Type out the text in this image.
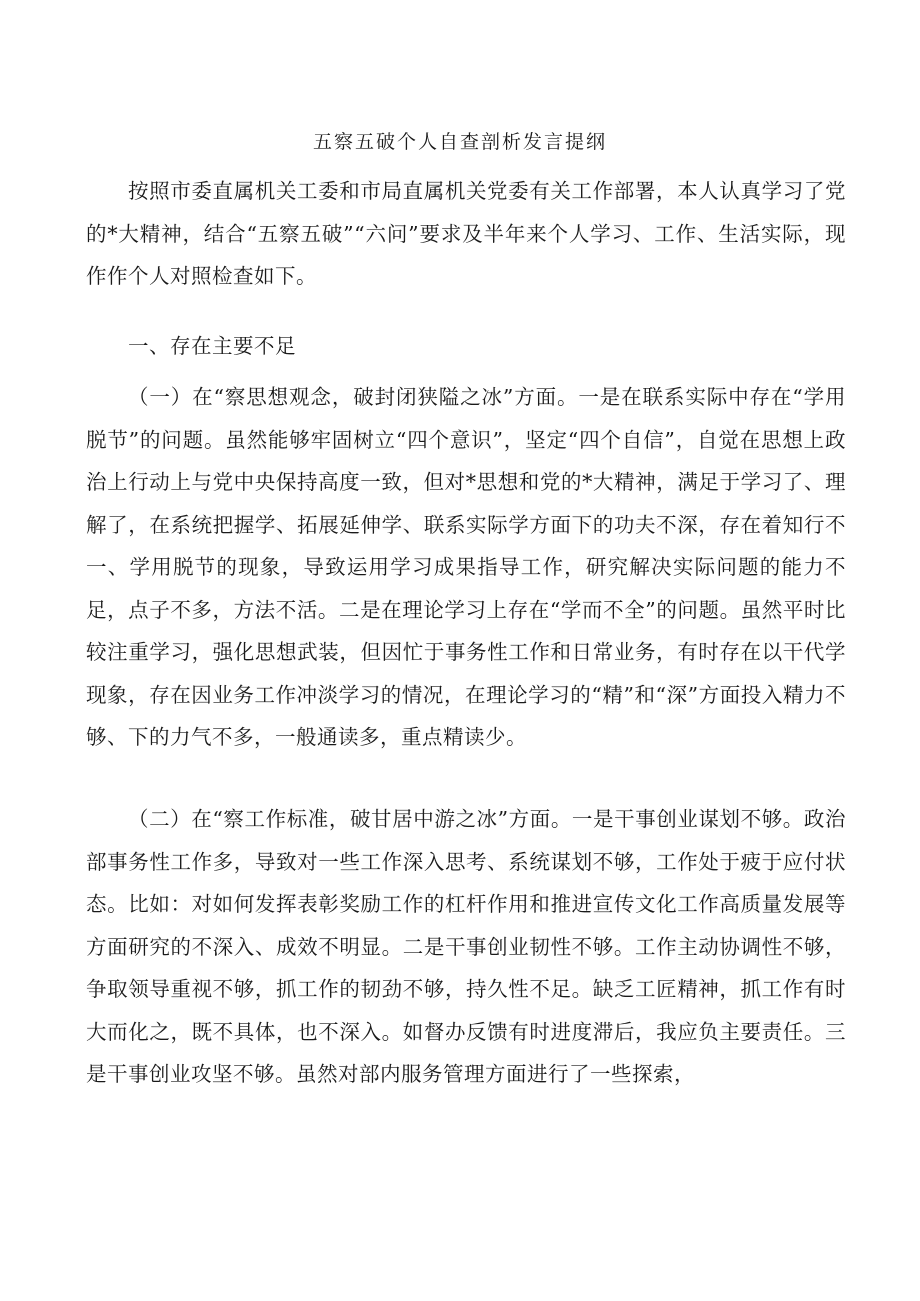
五察五破个人自查剖析发言提纲

按照市委直属机关工委和市局直属机关党委有关工作部署，本人认真学习了党的*大精神，结合“五察五破”“六问”要求及半年来个人学习、工作、生活实际，现作作个人对照检查如下。

一、存在主要不足

（一）在“察思想观念，破封闭狭隘之冰”方面。一是在联系实际中存在“学用脱节”的问题。虽然能够牢固树立“四个意识”，坚定“四个自信”，自觉在思想上政治上行动上与党中央保持高度一致，但对*思想和党的*大精神，满足于学习了、理解了，在系统把握学、拓展延伸学、联系实际学方面下的功夫不深，存在着知行不一、学用脱节的现象，导致运用学习成果指导工作，研究解决实际问题的能力不足，点子不多，方法不活。二是在理论学习上存在“学而不全”的问题。虽然平时比较注重学习，强化思想武装，但因忙于事务性工作和日常业务，有时存在以干代学现象，存在因业务工作冲淡学习的情况，在理论学习的“精”和“深”方面投入精力不够、下的力气不多，一般通读多，重点精读少。

（二）在“察工作标准，破甘居中游之冰”方面。一是干事创业谋划不够。政治部事务性工作多，导致对一些工作深入思考、系统谋划不够，工作处于疲于应付状态。比如：对如何发挥表彰奖励工作的杠杆作用和推进宣传文化工作高质量发展等方面研究的不深入、成效不明显。二是干事创业韧性不够。工作主动协调性不够，争取领导重视不够，抓工作的韧劲不够，持久性不足。缺乏工匠精神，抓工作有时大而化之，既不具体，也不深入。如督办反馈有时进度滞后，我应负主要责任。三是干事创业攻坚不够。虽然对部内服务管理方面进行了一些探索，
